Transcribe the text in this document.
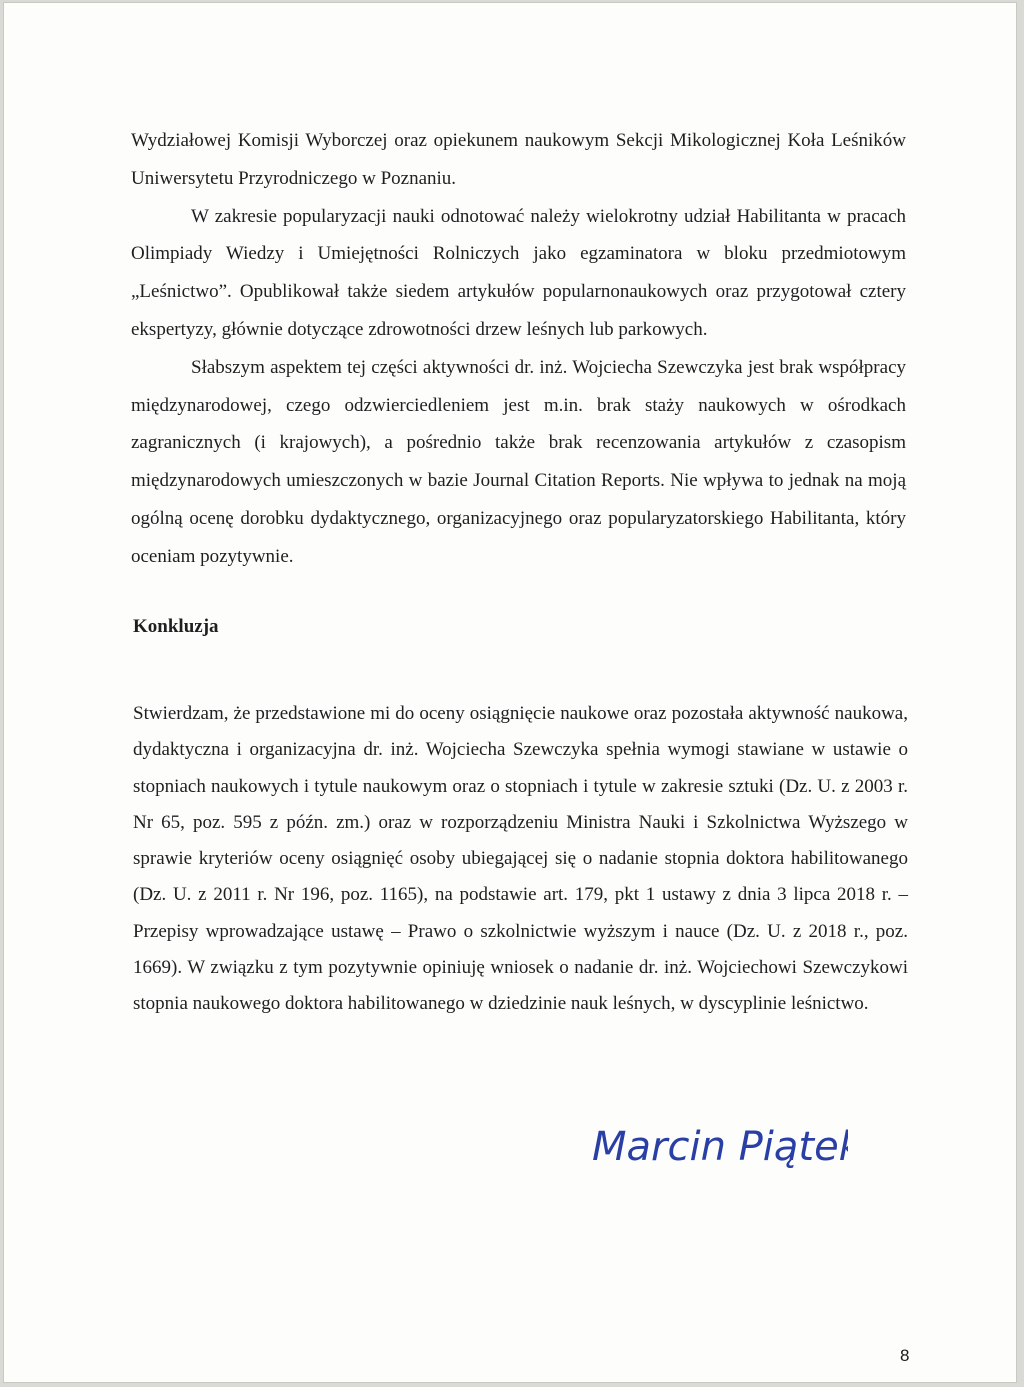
Wydziałowej Komisji Wyborczej oraz opiekunem naukowym Sekcji Mikologicznej Koła Leśników Uniwersytetu Przyrodniczego w Poznaniu.

W zakresie popularyzacji nauki odnotować należy wielokrotny udział Habilitanta w pracach Olimpiady Wiedzy i Umiejętności Rolniczych jako egzaminatora w bloku przedmiotowym „Leśnictwo”. Opublikował także siedem artykułów popularnonaukowych oraz przygotował cztery ekspertyzy, głównie dotyczące zdrowotności drzew leśnych lub parkowych.

Słabszym aspektem tej części aktywności dr. inż. Wojciecha Szewczyka jest brak współpracy międzynarodowej, czego odzwierciedleniem jest m.in. brak staży naukowych w ośrodkach zagranicznych (i krajowych), a pośrednio także brak recenzowania artykułów z czasopism międzynarodowych umieszczonych w bazie Journal Citation Reports. Nie wpływa to jednak na moją ogólną ocenę dorobku dydaktycznego, organizacyjnego oraz popularyzatorskiego Habilitanta, który oceniam pozytywnie.

Konkluzja

Stwierdzam, że przedstawione mi do oceny osiągnięcie naukowe oraz pozostała aktywność naukowa, dydaktyczna i organizacyjna dr. inż. Wojciecha Szewczyka spełnia wymogi stawiane w ustawie o stopniach naukowych i tytule naukowym oraz o stopniach i tytule w zakresie sztuki (Dz. U. z 2003 r. Nr 65, poz. 595 z późn. zm.) oraz w rozporządzeniu Ministra Nauki i Szkolnictwa Wyższego w sprawie kryteriów oceny osiągnięć osoby ubiegającej się o nadanie stopnia doktora habilitowanego (Dz. U. z 2011 r. Nr 196, poz. 1165), na podstawie art. 179, pkt 1 ustawy z dnia 3 lipca 2018 r. – Przepisy wprowadzające ustawę – Prawo o szkolnictwie wyższym i nauce (Dz. U. z 2018 r., poz. 1669). W związku z tym pozytywnie opiniuję wniosek o nadanie dr. inż. Wojciechowi Szewczykowi stopnia naukowego doktora habilitowanego w dziedzinie nauk leśnych, w dyscyplinie leśnictwo.

Marcin Piątek
8
